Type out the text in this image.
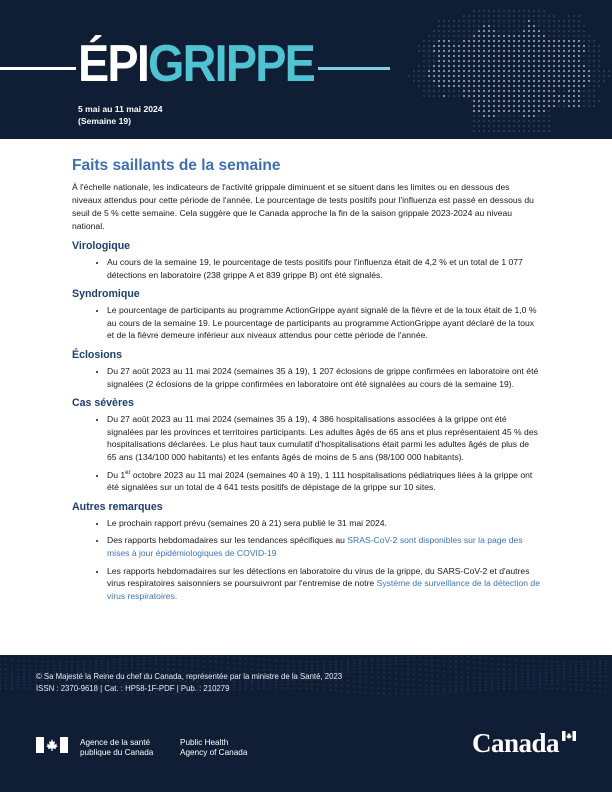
ÉPIGRIPPE
5 mai au 11 mai 2024
(Semaine 19)
Faits saillants de la semaine

À l'échelle nationale, les indicateurs de l'activité grippale diminuent et se situent dans les limites ou en dessous des niveaux attendus pour cette période de l'année. Le pourcentage de tests positifs pour l'influenza est passé en dessous du seuil de 5 % cette semaine. Cela suggère que le Canada approche la fin de la saison grippale 2023-2024 au niveau national.

Virologique
• Au cours de la semaine 19, le pourcentage de tests positifs pour l'influenza était de 4,2 % et un total de 1 077 détections en laboratoire (238 grippe A et 839 grippe B) ont été signalés.
Syndromique
• Le pourcentage de participants au programme ActionGrippe ayant signalé de la fièvre et de la toux était de 1,0 % au cours de la semaine 19. Le pourcentage de participants au programme ActionGrippe ayant déclaré de la toux et de la fièvre demeure inférieur aux niveaux attendus pour cette période de l'année.
Éclosions
• Du 27 août 2023 au 11 mai 2024 (semaines 35 à 19), 1 207 éclosions de grippe confirmées en laboratoire ont été signalées (2 éclosions de la grippe confirmées en laboratoire ont été signalées au cours de la semaine 19).
Cas sévères
• Du 27 août 2023 au 11 mai 2024 (semaines 35 à 19), 4 386 hospitalisations associées à la grippe ont été signalées par les provinces et territoires participants. Les adultes âgés de 65 ans et plus représentaient 45 % des hospitalisations déclarées. Le plus haut taux cumulatif d'hospitalisations était parmi les adultes âgés de plus de 65 ans (134/100 000 habitants) et les enfants âgés de moins de 5 ans (98/100 000 habitants).
• Du 1er octobre 2023 au 11 mai 2024 (semaines 40 à 19), 1 111 hospitalisations pédiatriques liées à la grippe ont été signalées sur un total de 4 641 tests positifs de dépistage de la grippe sur 10 sites.
Autres remarques
• Le prochain rapport prévu (semaines 20 à 21) sera publié le 31 mai 2024.
• Des rapports hebdomadaires sur les tendances spécifiques au SRAS-CoV-2 sont disponibles sur la page des mises à jour épidémiologiques de COVID-19
• Les rapports hebdomadaires sur les détections en laboratoire du virus de la grippe, du SARS-CoV-2 et d'autres virus respiratoires saisonniers se poursuivront par l'entremise de notre Système de surveillance de la détection de virus respiratoires.
© Sa Majesté la Reine du chef du Canada, représentée par la ministre de la Santé, 2023
ISSN : 2370-9618 | Cat. : HP58-1F-PDF | Pub. : 210279
Agence de la santé
publique du Canada
Public Health
Agency of Canada	Canada
